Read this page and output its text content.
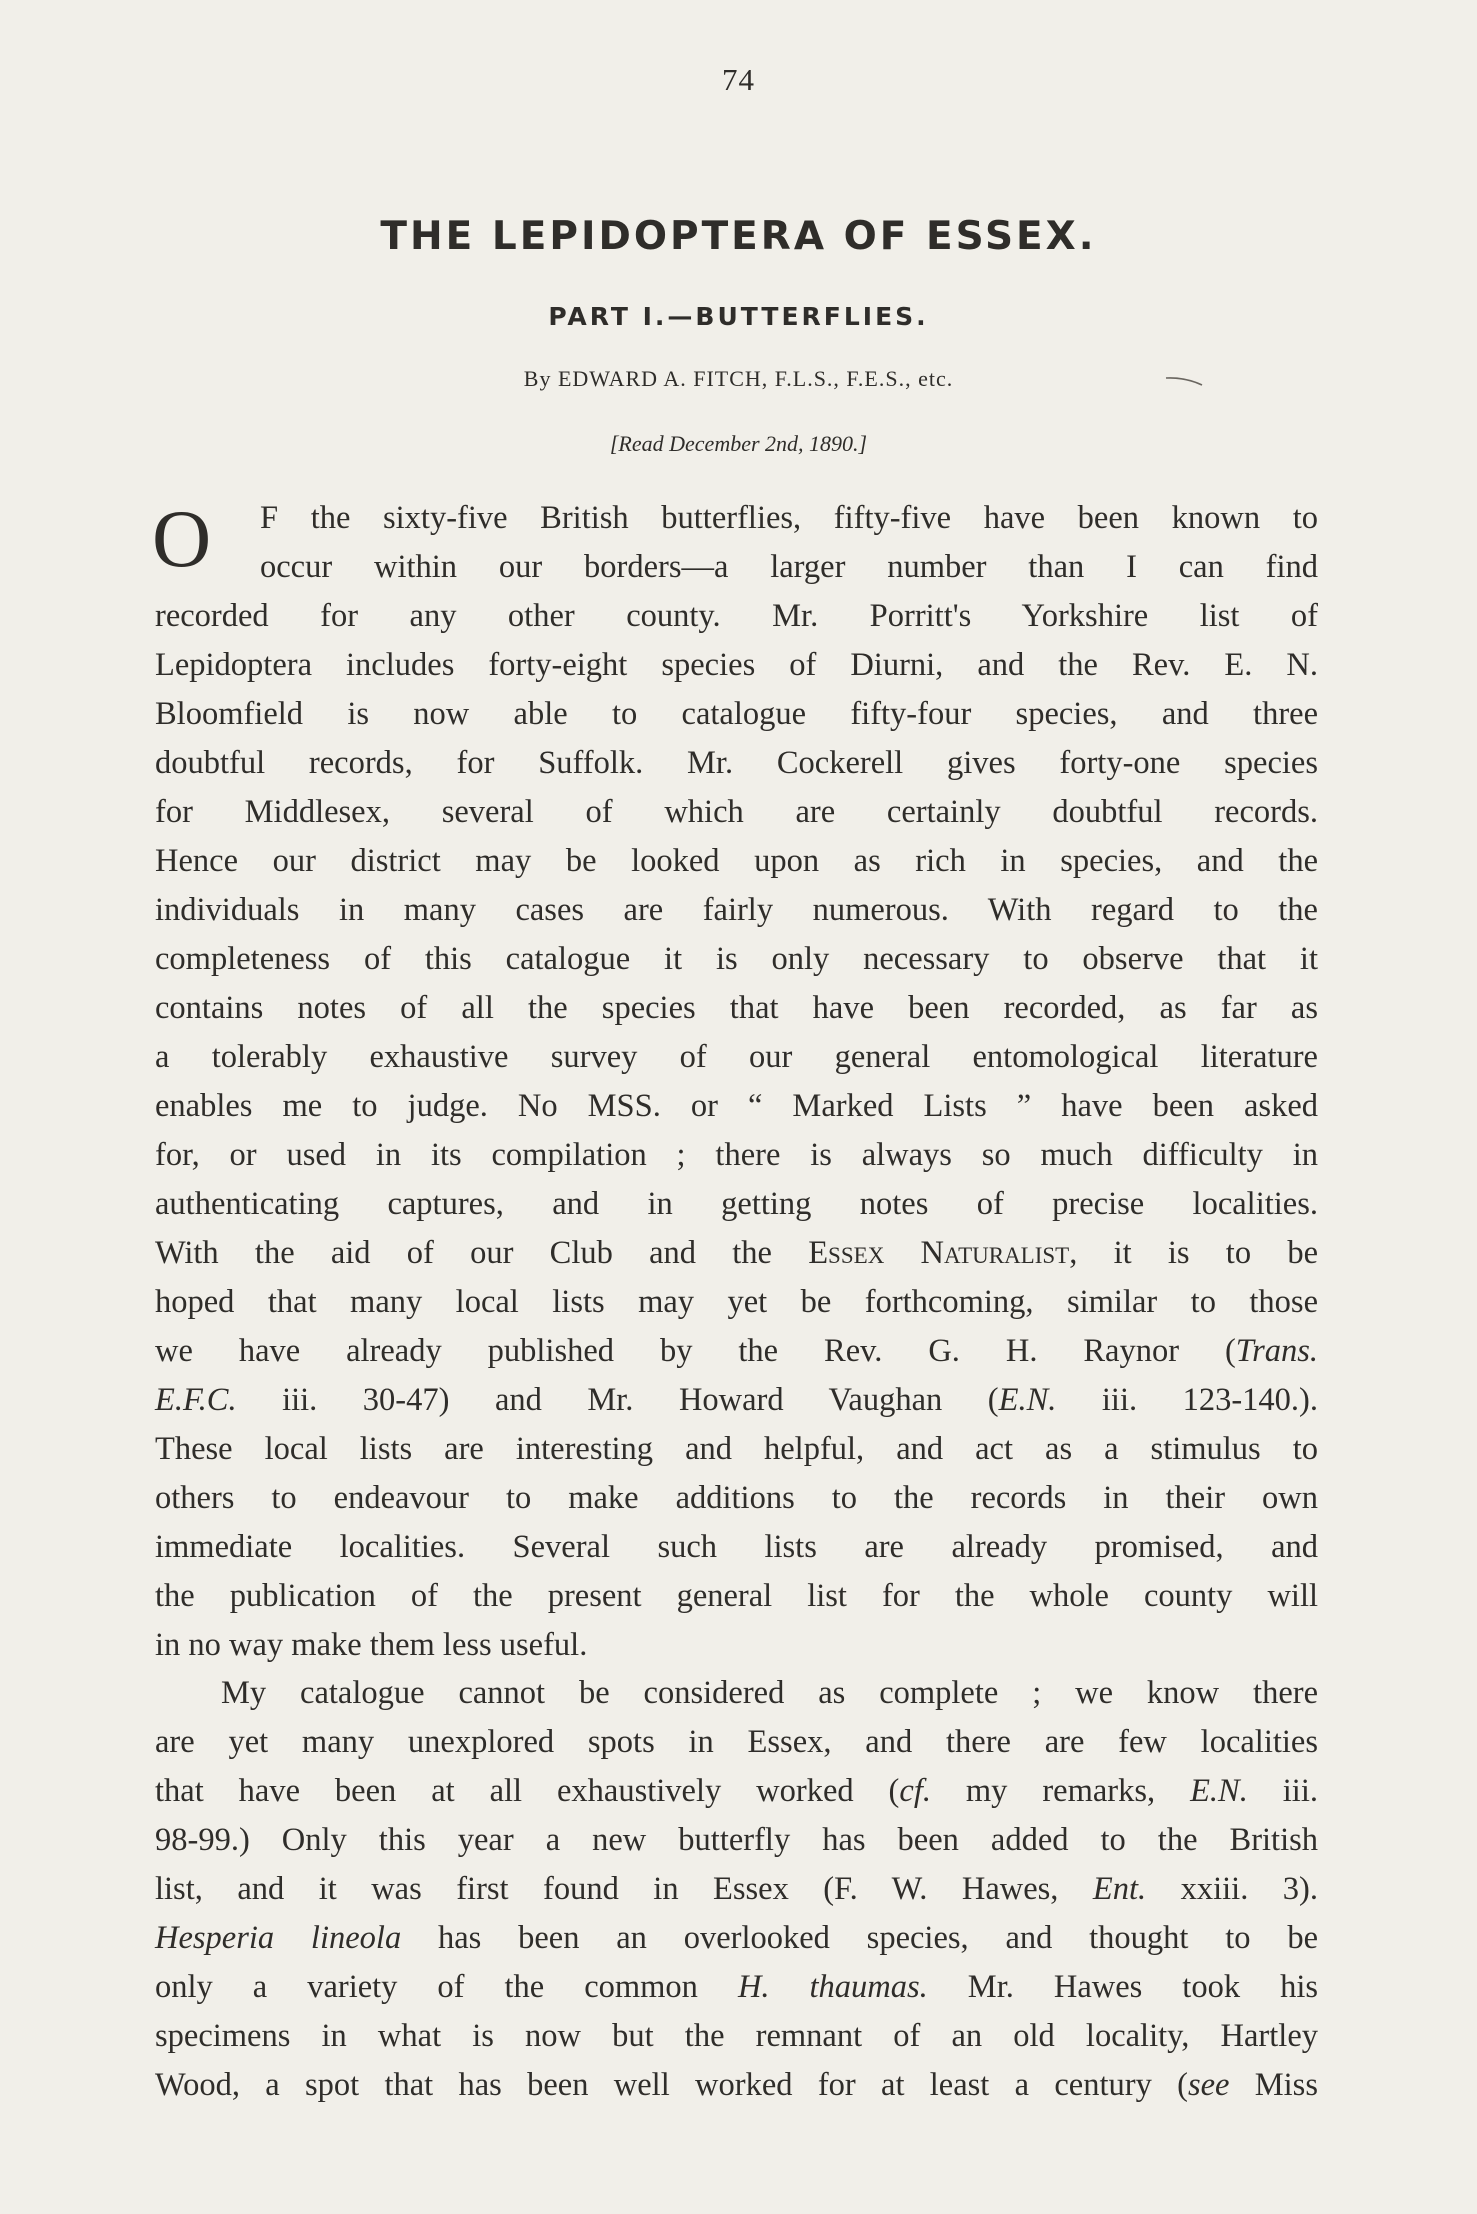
74
THE LEPIDOPTERA OF ESSEX.
PART I.—BUTTERFLIES.
By EDWARD A. FITCH, F.L.S., F.E.S., etc.
[Read December 2nd, 1890.]
O	F the sixty-five British butterflies, fifty-five have been known to
occur within our borders—a larger number than I can find
recorded for any other county. Mr. Porritt's Yorkshire list of
Lepidoptera includes forty-eight species of Diurni, and the Rev. E. N.
Bloomfield is now able to catalogue fifty-four species, and three
doubtful records, for Suffolk. Mr. Cockerell gives forty-one species
for Middlesex, several of which are certainly doubtful records.
Hence our district may be looked upon as rich in species, and the
individuals in many cases are fairly numerous. With regard to the
completeness of this catalogue it is only necessary to observe that it
contains notes of all the species that have been recorded, as far as
a tolerably exhaustive survey of our general entomological literature
enables me to judge. No MSS. or “ Marked Lists ” have been asked
for, or used in its compilation ; there is always so much difficulty in
authenticating captures, and in getting notes of precise localities.
With the aid of our Club and the Essex Naturalist, it is to be
hoped that many local lists may yet be forthcoming, similar to those
we have already published by the Rev. G. H. Raynor (Trans.
E.F.C. iii. 30-47) and Mr. Howard Vaughan (E.N. iii. 123-140.).
These local lists are interesting and helpful, and act as a stimulus to
others to endeavour to make additions to the records in their own
immediate localities. Several such lists are already promised, and
the publication of the present general list for the whole county will
in no way make them less useful.
My catalogue cannot be considered as complete ; we know there
are yet many unexplored spots in Essex, and there are few localities
that have been at all exhaustively worked (cf. my remarks, E.N. iii.
98-99.) Only this year a new butterfly has been added to the British
list, and it was first found in Essex (F. W. Hawes, Ent. xxiii. 3).
Hesperia lineola has been an overlooked species, and thought to be
only a variety of the common H. thaumas. Mr. Hawes took his
specimens in what is now but the remnant of an old locality, Hartley
Wood, a spot that has been well worked for at least a century (see Miss
